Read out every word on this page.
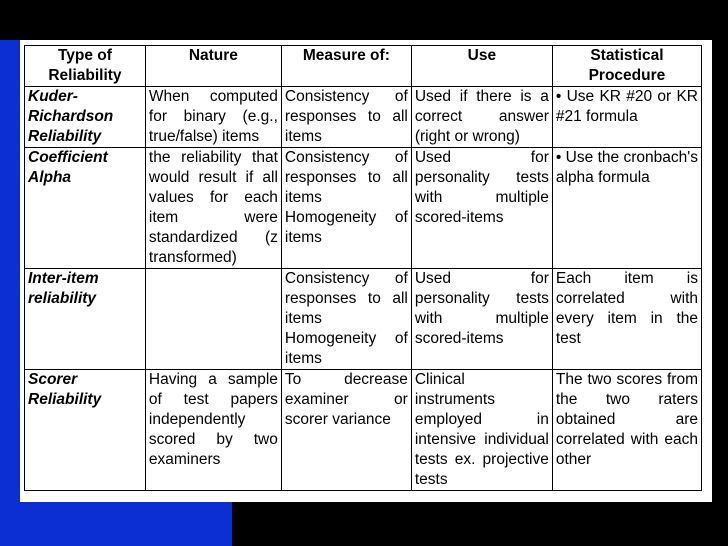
Type of Reliability	Nature	Measure of:	Use	Statistical Procedure
Kuder-Richardson Reliability	When computed for binary (e.g., true/false) items	Consistency of responses to all items	Used if there is a correct answer (right or wrong)	• Use KR #20 or KR #21 formula
Coefficient Alpha	the reliability that would result if all values for each item were standardized (z transformed)	Consistency of responses to all items Homogeneity of items	Used for personality tests with multiple scored-items	• Use the cronbach's alpha formula
Inter-item reliability		Consistency of responses to all items Homogeneity of items	Used for personality tests with multiple scored-items	Each item is correlated with every item in the test
Scorer Reliability	Having a sample of test papers independently scored by two examiners	To decrease examiner or scorer variance	Clinical instruments employed in intensive individual tests ex. projective tests	The two scores from the two raters obtained are correlated with each other
